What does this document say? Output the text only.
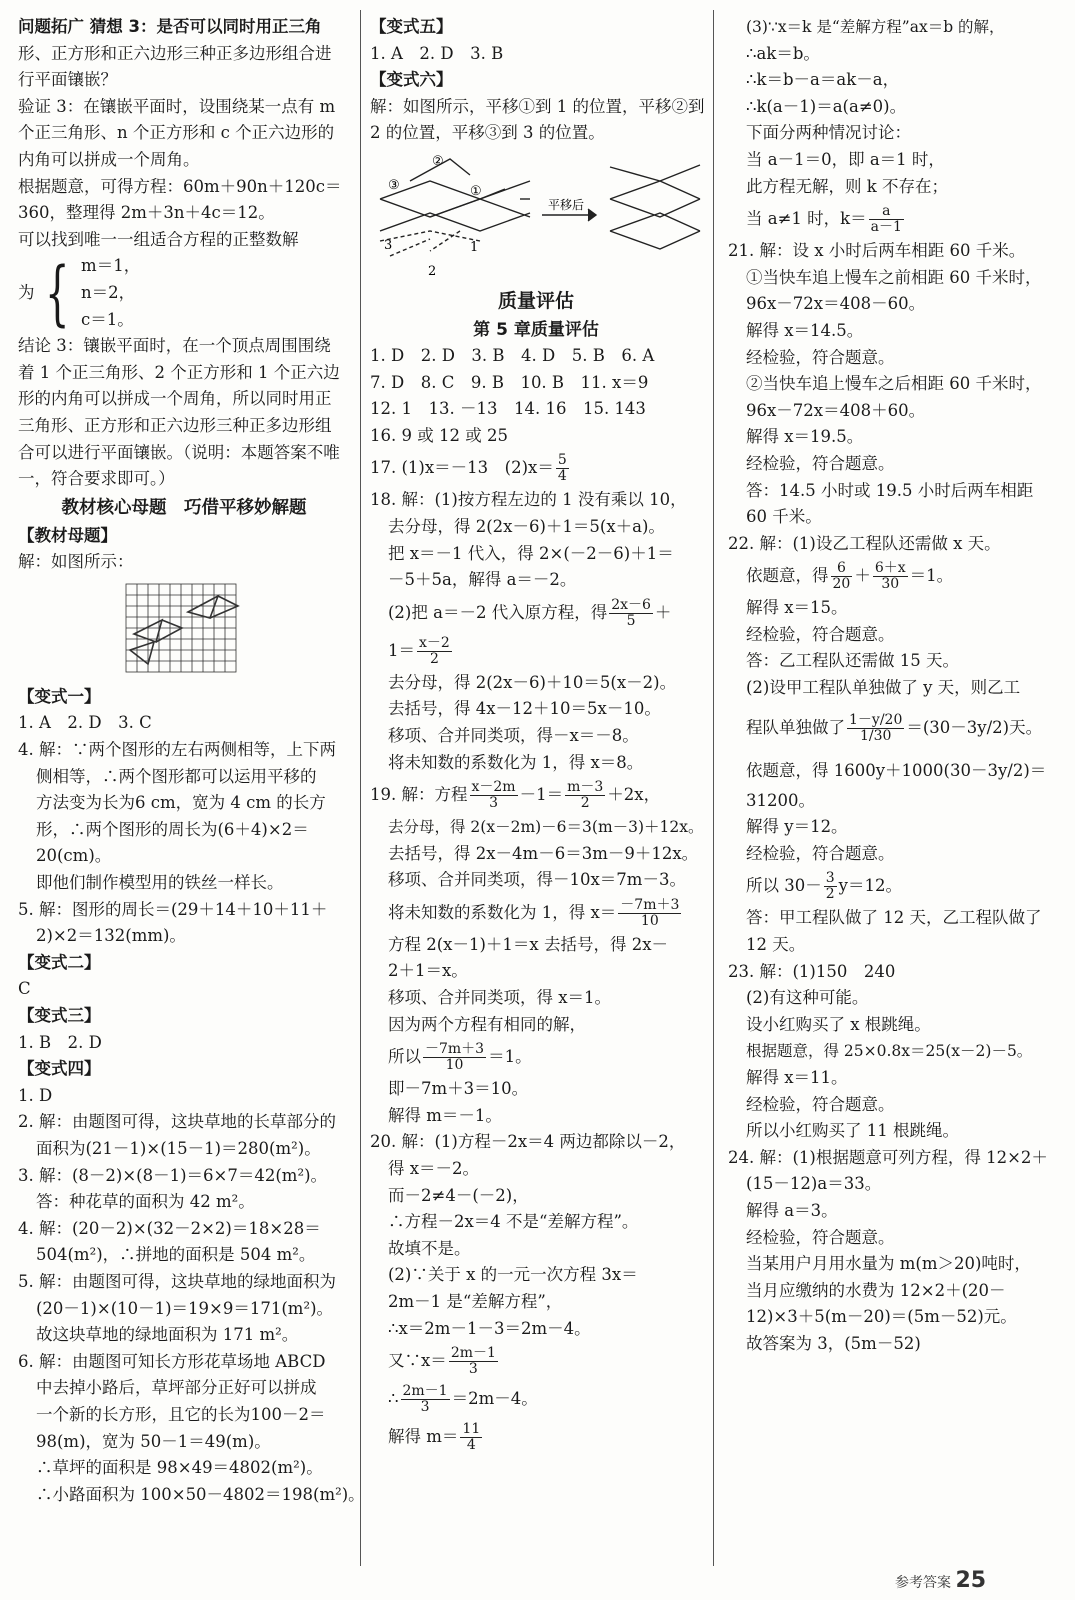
问题拓广 猜想 3：是否可以同时用正三角
形、正方形和正六边形三种正多边形组合进
行平面镶嵌？
验证 3：在镶嵌平面时，设围绕某一点有 m
个正三角形、n 个正方形和 c 个正六边形的
内角可以拼成一个周角。
根据题意，可得方程：60m＋90n＋120c＝
360，整理得 2m＋3n＋4c＝12。
可以找到唯一一组适合方程的正整数解
为 { m＝1，
n＝2，
c＝1。
结论 3：镶嵌平面时，在一个顶点周围围绕
着 1 个正三角形、2 个正方形和 1 个正六边
形的内角可以拼成一个周角，所以同时用正
三角形、正方形和正六边形三种正多边形组
合可以进行平面镶嵌。（说明：本题答案不唯
一，符合要求即可。）
教材核心母题　巧借平移妙解题
【教材母题】
解：如图所示：
【变式一】
1. A　2. D　3. C
4. 解：∵两个图形的左右两侧相等，上下两
侧相等，∴两个图形都可以运用平移的
方法变为长为6 cm，宽为 4 cm 的长方
形，∴两个图形的周长为(6＋4)×2＝
20(cm)。
即他们制作模型用的铁丝一样长。
5. 解：图形的周长＝(29＋14＋10＋11＋
2)×2＝132(mm)。
【变式二】
C
【变式三】
1. B　2. D
【变式四】
1. D
2. 解：由题图可得，这块草地的长草部分的
面积为(21－1)×(15－1)＝280(m²)。
3. 解：(8－2)×(8－1)＝6×7＝42(m²)。
答：种花草的面积为 42 m²。
4. 解：(20－2)×(32－2×2)＝18×28＝
504(m²)，∴拼地的面积是 504 m²。
5. 解：由题图可得，这块草地的绿地面积为
(20－1)×(10－1)＝19×9＝171(m²)。
故这块草地的绿地面积为 171 m²。
6. 解：由题图可知长方形花草场地 ABCD
中去掉小路后，草坪部分正好可以拼成
一个新的长方形，且它的长为100－2＝
98(m)，宽为 50－1＝49(m)。
∴草坪的面积是 98×49＝4802(m²)。
∴小路面积为 100×50－4802＝198(m²)。
【变式五】
1. A　2. D　3. B
【变式六】
解：如图所示，平移①到 1 的位置，平移②到
2 的位置，平移③到 3 的位置。
平移后
③
②
①
3	1
2
质量评估
第 5 章质量评估
1. D　2. D　3. B　4. D　5. B　6. A
7. D　8. C　9. B　10. B　11. x＝9
12. 1　13. －13　14. 16　15. 143
16. 9 或 12 或 25
17. (1)x＝－13　$(2)x= \frac{5}{4}$
18. 解：(1)按方程左边的 1 没有乘以 10，
去分母，得 2(2x－6)＋1＝5(x＋a)。
把 x＝－1 代入，得 2×(－2－6)＋1＝
－5＋5a，解得 a＝－2。
(2)把 a＝－2 代入原方程，得 $\frac{2x-6}{5}$ ＋
$1= \frac{x-2}{2}$
去分母，得 2(2x－6)＋10＝5(x－2)。
去括号，得 4x－12＋10＝5x－10。
移项、合并同类项，得－x＝－8。
将未知数的系数化为 1，得 x＝8。
19. 解：方程 $\frac{x-2m}{3} -1= \frac{m-3}{2} +2x$，
去分母，得 2(x－2m)－6＝3(m－3)＋12x。
去括号，得 2x－4m－6＝3m－9＋12x。
移项、合并同类项，得－10x＝7m－3。
将未知数的系数化为 1，得 $x= \frac{-7m+3}{10}$
方程 2(x－1)＋1＝x 去括号，得 2x－
2＋1＝x。
移项、合并同类项，得 x＝1。
因为两个方程有相同的解，
所以 $\frac{-7m+3}{10} =1$。
即－7m＋3＝10。
解得 m＝－1。
20. 解：(1)方程－2x＝4 两边都除以－2，
得 x＝－2。
而－2≠4－(－2)，
∴方程－2x＝4 不是“差解方程”。
故填不是。
(2)∵关于 x 的一元一次方程 3x＝
2m－1 是“差解方程”，
∴x＝2m－1－3＝2m－4。
又∵x＝ $\frac{2m-1}{3}$
∴ $\frac{2m-1}{3} =2m-4$。
解得 $m= \frac{11}{4}$
(3)∵x＝k 是“差解方程”ax＝b 的解，
∴ak＝b。
∴k＝b－a＝ak－a，
∴k(a－1)＝a(a≠0)。
下面分两种情况讨论：
当 a－1＝0，即 a＝1 时，
此方程无解，则 k 不存在；
当 a≠1 时，$k= \frac{a}{a-1}$
21. 解：设 x 小时后两车相距 60 千米。
①当快车追上慢车之前相距 60 千米时，
96x－72x＝408－60。
解得 x＝14.5。
经检验，符合题意。
②当快车追上慢车之后相距 60 千米时，
96x－72x＝408＋60。
解得 x＝19.5。
经检验，符合题意。
答：14.5 小时或 19.5 小时后两车相距
60 千米。
22. 解：(1)设乙工程队还需做 x 天。
依题意，得 $\frac{6}{20} + \frac{6+x}{30} =1$。
解得 x＝15。
经检验，符合题意。
答：乙工程队还需做 15 天。
(2)设甲工程队单独做了 y 天，则乙工
程队单独做了 $\frac{1-y/20}{1/30} =(30-3y/2)$天。
依题意，得 1600y＋1000(30－3y/2)＝
31200。
解得 y＝12。
经检验，符合题意。
所以 $30- \frac{3}{2} y=12$。
答：甲工程队做了 12 天，乙工程队做了
12 天。
23. 解：(1)150　240
(2)有这种可能。
设小红购买了 x 根跳绳。
根据题意，得 25×0.8x＝25(x－2)－5。
解得 x＝11。
经检验，符合题意。
所以小红购买了 11 根跳绳。
24. 解：(1)根据题意可列方程，得 12×2＋
(15－12)a＝33。
解得 a＝3。
经检验，符合题意。
当某用户月用水量为 m(m＞20)吨时，
当月应缴纳的水费为 12×2＋(20－
12)×3＋5(m－20)＝(5m－52)元。
故答案为 3，(5m－52)
参考答案 25
